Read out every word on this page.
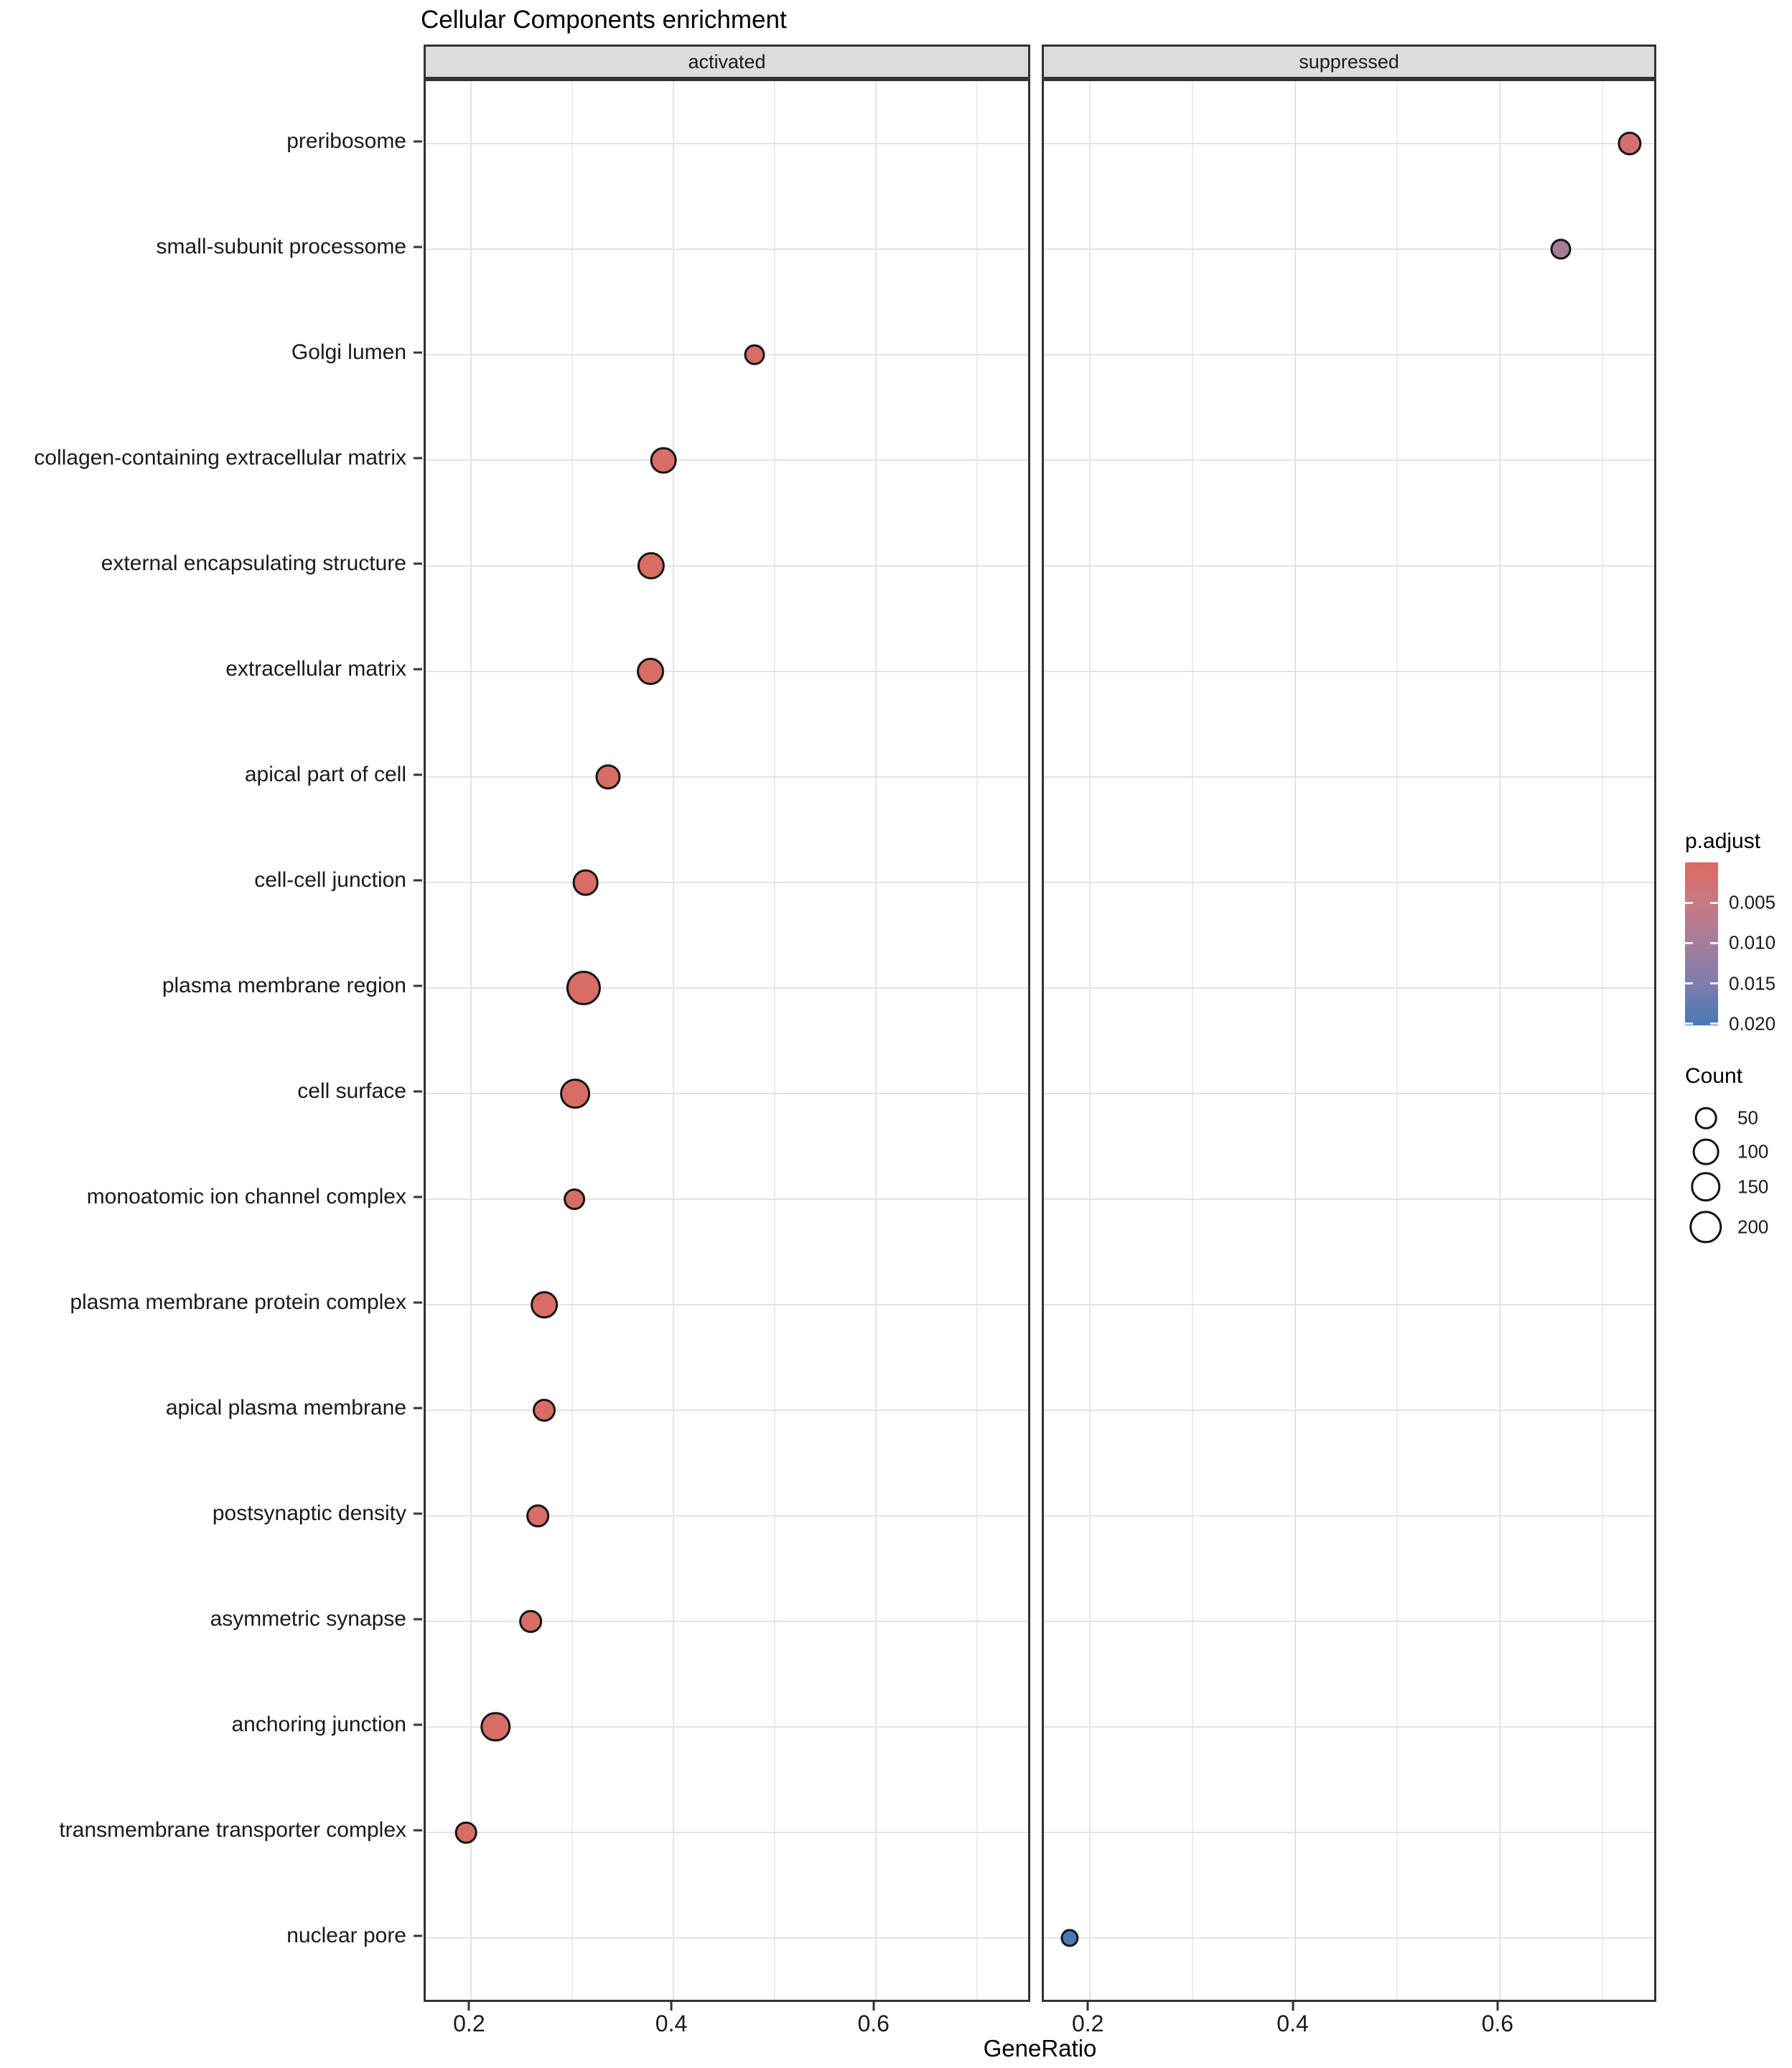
Cellular Components enrichment
activated	suppressed
preribosome
small-subunit processome
Golgi lumen
collagen-containing extracellular matrix
external encapsulating structure
extracellular matrix
apical part of cell
cell-cell junction
plasma membrane region
cell surface
monoatomic ion channel complex
plasma membrane protein complex
apical plasma membrane
postsynaptic density
asymmetric synapse
anchoring junction
transmembrane transporter complex
nuclear pore
0.2	0.4	0.6	0.2	0.4	0.6
GeneRatio
p.adjust
Count
0.005
0.010
0.015
0.020
50
100
150
200
